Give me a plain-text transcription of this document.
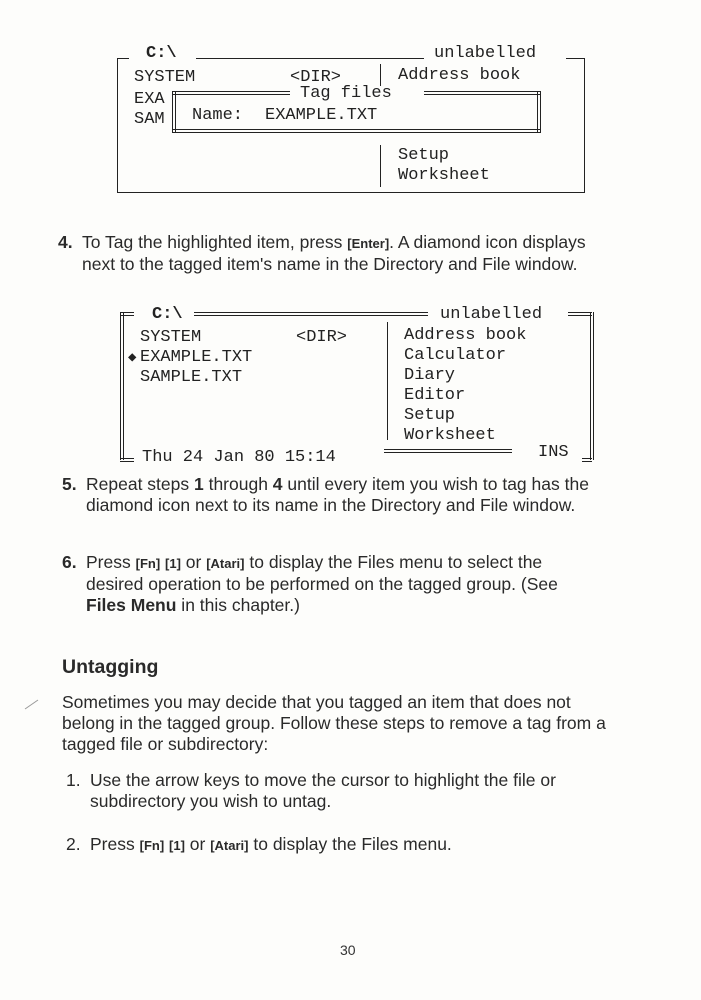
C:\	unlabelled
SYSTEM	<DIR>
EXA
SAM
Address book
Setup
Worksheet
Tag files
Name: EXAMPLE.TXT
4. To Tag the highlighted item, press [Enter]. A diamond icon displays next to the tagged item's name in the Directory and File window.
C:\	unlabelled
SYSTEM	<DIR>
◆ EXAMPLE.TXT
SAMPLE.TXT
Address book
Calculator
Diary
Editor
Setup
Worksheet
Thu 24 Jan 80 15:14	INS
5. Repeat steps 1 through 4 until every item you wish to tag has the diamond icon next to its name in the Directory and File window.
6. Press [Fn] [1] or [Atari] to display the Files menu to select the desired operation to be performed on the tagged group. (See Files Menu in this chapter.)
Untagging
Sometimes you may decide that you tagged an item that does not belong in the tagged group. Follow these steps to remove a tag from a tagged file or subdirectory:
1. Use the arrow keys to move the cursor to highlight the file or subdirectory you wish to untag.
2. Press [Fn] [1] or [Atari] to display the Files menu.
30
